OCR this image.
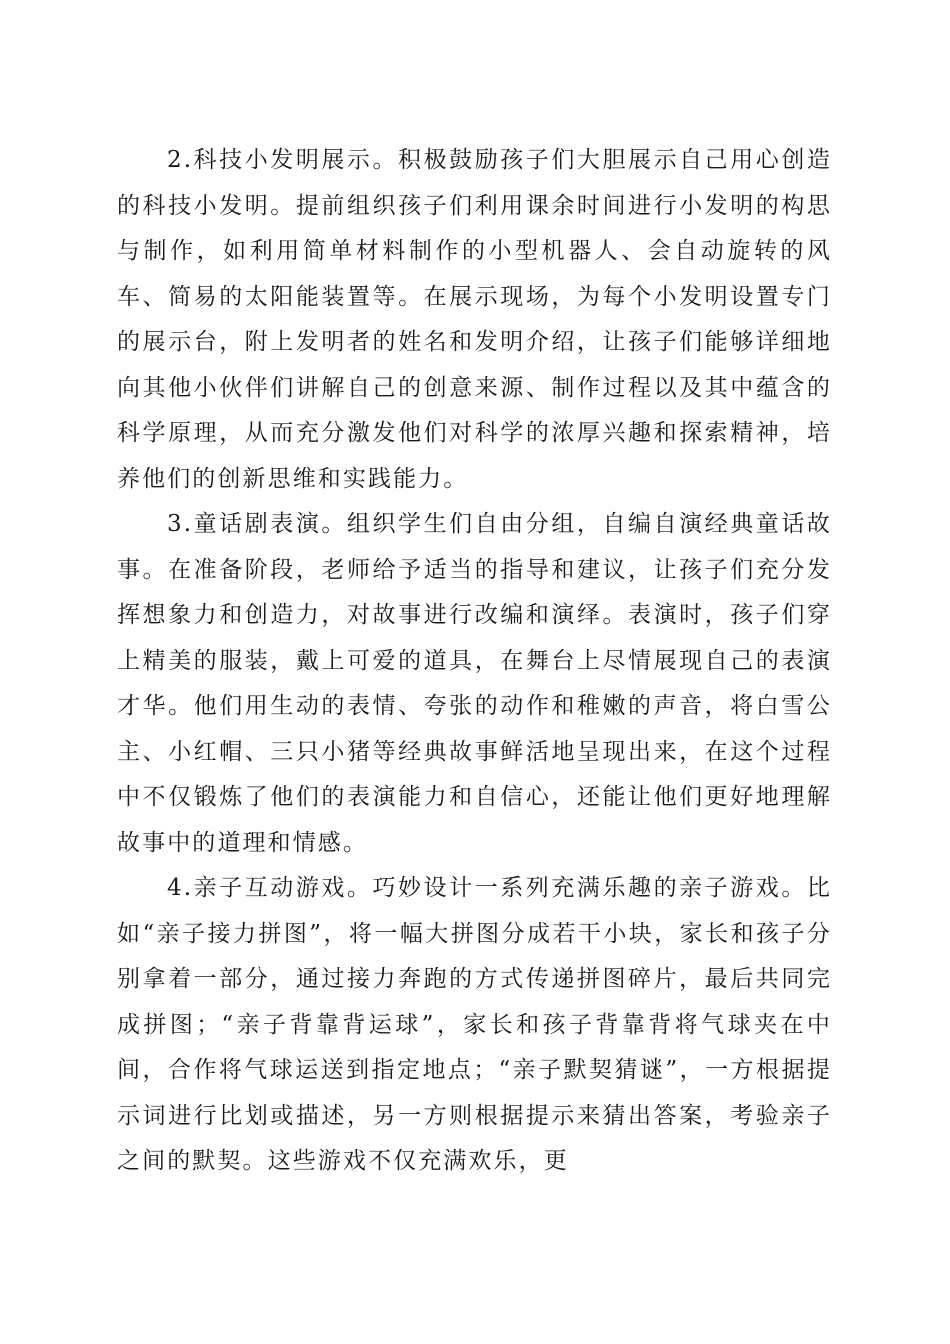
2.科技小发明展示。积极鼓励孩子们大胆展示自己用心创造的科技小发明。提前组织孩子们利用课余时间进行小发明的构思与制作，如利用简单材料制作的小型机器人、会自动旋转的风车、简易的太阳能装置等。在展示现场，为每个小发明设置专门的展示台，附上发明者的姓名和发明介绍，让孩子们能够详细地向其他小伙伴们讲解自己的创意来源、制作过程以及其中蕴含的科学原理，从而充分激发他们对科学的浓厚兴趣和探索精神，培养他们的创新思维和实践能力。

3.童话剧表演。组织学生们自由分组，自编自演经典童话故事。在准备阶段，老师给予适当的指导和建议，让孩子们充分发挥想象力和创造力，对故事进行改编和演绎。表演时，孩子们穿上精美的服装，戴上可爱的道具，在舞台上尽情展现自己的表演才华。他们用生动的表情、夸张的动作和稚嫩的声音，将白雪公主、小红帽、三只小猪等经典故事鲜活地呈现出来，在这个过程中不仅锻炼了他们的表演能力和自信心，还能让他们更好地理解故事中的道理和情感。

4.亲子互动游戏。巧妙设计一系列充满乐趣的亲子游戏。比如“亲子接力拼图”，将一幅大拼图分成若干小块，家长和孩子分别拿着一部分，通过接力奔跑的方式传递拼图碎片，最后共同完成拼图；“亲子背靠背运球”，家长和孩子背靠背将气球夹在中间，合作将气球运送到指定地点；“亲子默契猜谜”，一方根据提示词进行比划或描述，另一方则根据提示来猜出答案，考验亲子之间的默契。这些游戏不仅充满欢乐，更
